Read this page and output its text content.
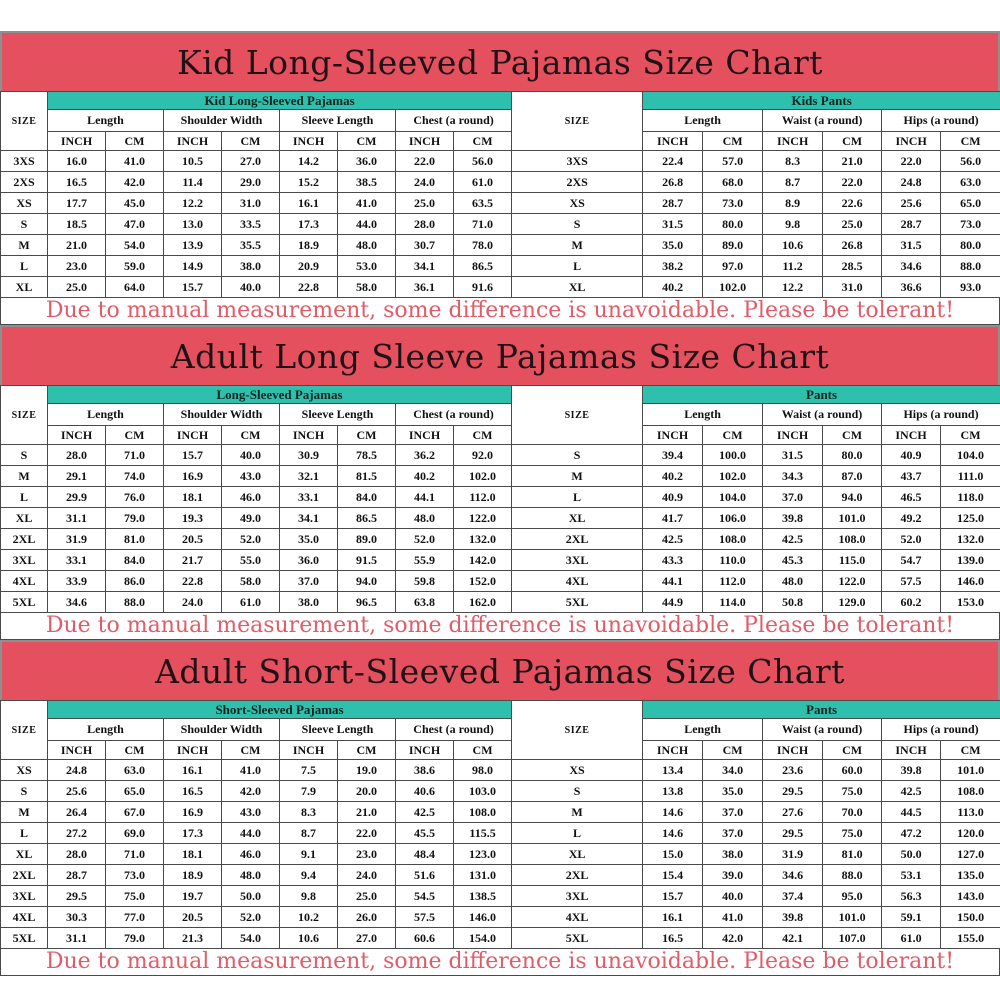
Kid Long-Sleeved Pajamas Size Chart
SIZE	Kid Long-Sleeved Pajamas								SIZE	Kids Pants					
	Length		Shoulder Width		Sleeve Length		Chest (a round)			Length		Waist (a round)		Hips (a round)	
	INCH	CM	INCH	CM	INCH	CM	INCH	CM		INCH	CM	INCH	CM	INCH	CM
3XS	16.0	41.0	10.5	27.0	14.2	36.0	22.0	56.0	3XS	22.4	57.0	8.3	21.0	22.0	56.0
2XS	16.5	42.0	11.4	29.0	15.2	38.5	24.0	61.0	2XS	26.8	68.0	8.7	22.0	24.8	63.0
XS	17.7	45.0	12.2	31.0	16.1	41.0	25.0	63.5	XS	28.7	73.0	8.9	22.6	25.6	65.0
S	18.5	47.0	13.0	33.5	17.3	44.0	28.0	71.0	S	31.5	80.0	9.8	25.0	28.7	73.0
M	21.0	54.0	13.9	35.5	18.9	48.0	30.7	78.0	M	35.0	89.0	10.6	26.8	31.5	80.0
L	23.0	59.0	14.9	38.0	20.9	53.0	34.1	86.5	L	38.2	97.0	11.2	28.5	34.6	88.0
XL	25.0	64.0	15.7	40.0	22.8	58.0	36.1	91.6	XL	40.2	102.0	12.2	31.0	36.6	93.0
Due to manual measurement, some difference is unavoidable. Please be tolerant!
Adult Long Sleeve Pajamas Size Chart
SIZE	Long-Sleeved Pajamas								SIZE	Pants					
	Length		Shoulder Width		Sleeve Length		Chest (a round)			Length		Waist (a round)		Hips (a round)	
	INCH	CM	INCH	CM	INCH	CM	INCH	CM		INCH	CM	INCH	CM	INCH	CM
S	28.0	71.0	15.7	40.0	30.9	78.5	36.2	92.0	S	39.4	100.0	31.5	80.0	40.9	104.0
M	29.1	74.0	16.9	43.0	32.1	81.5	40.2	102.0	M	40.2	102.0	34.3	87.0	43.7	111.0
L	29.9	76.0	18.1	46.0	33.1	84.0	44.1	112.0	L	40.9	104.0	37.0	94.0	46.5	118.0
XL	31.1	79.0	19.3	49.0	34.1	86.5	48.0	122.0	XL	41.7	106.0	39.8	101.0	49.2	125.0
2XL	31.9	81.0	20.5	52.0	35.0	89.0	52.0	132.0	2XL	42.5	108.0	42.5	108.0	52.0	132.0
3XL	33.1	84.0	21.7	55.0	36.0	91.5	55.9	142.0	3XL	43.3	110.0	45.3	115.0	54.7	139.0
4XL	33.9	86.0	22.8	58.0	37.0	94.0	59.8	152.0	4XL	44.1	112.0	48.0	122.0	57.5	146.0
5XL	34.6	88.0	24.0	61.0	38.0	96.5	63.8	162.0	5XL	44.9	114.0	50.8	129.0	60.2	153.0
Due to manual measurement, some difference is unavoidable. Please be tolerant!
Adult Short-Sleeved Pajamas Size Chart
SIZE	Short-Sleeved Pajamas								SIZE	Pants					
	Length		Shoulder Width		Sleeve Length		Chest (a round)			Length		Waist (a round)		Hips (a round)	
	INCH	CM	INCH	CM	INCH	CM	INCH	CM		INCH	CM	INCH	CM	INCH	CM
XS	24.8	63.0	16.1	41.0	7.5	19.0	38.6	98.0	XS	13.4	34.0	23.6	60.0	39.8	101.0
S	25.6	65.0	16.5	42.0	7.9	20.0	40.6	103.0	S	13.8	35.0	29.5	75.0	42.5	108.0
M	26.4	67.0	16.9	43.0	8.3	21.0	42.5	108.0	M	14.6	37.0	27.6	70.0	44.5	113.0
L	27.2	69.0	17.3	44.0	8.7	22.0	45.5	115.5	L	14.6	37.0	29.5	75.0	47.2	120.0
XL	28.0	71.0	18.1	46.0	9.1	23.0	48.4	123.0	XL	15.0	38.0	31.9	81.0	50.0	127.0
2XL	28.7	73.0	18.9	48.0	9.4	24.0	51.6	131.0	2XL	15.4	39.0	34.6	88.0	53.1	135.0
3XL	29.5	75.0	19.7	50.0	9.8	25.0	54.5	138.5	3XL	15.7	40.0	37.4	95.0	56.3	143.0
4XL	30.3	77.0	20.5	52.0	10.2	26.0	57.5	146.0	4XL	16.1	41.0	39.8	101.0	59.1	150.0
5XL	31.1	79.0	21.3	54.0	10.6	27.0	60.6	154.0	5XL	16.5	42.0	42.1	107.0	61.0	155.0
Due to manual measurement, some difference is unavoidable. Please be tolerant!
